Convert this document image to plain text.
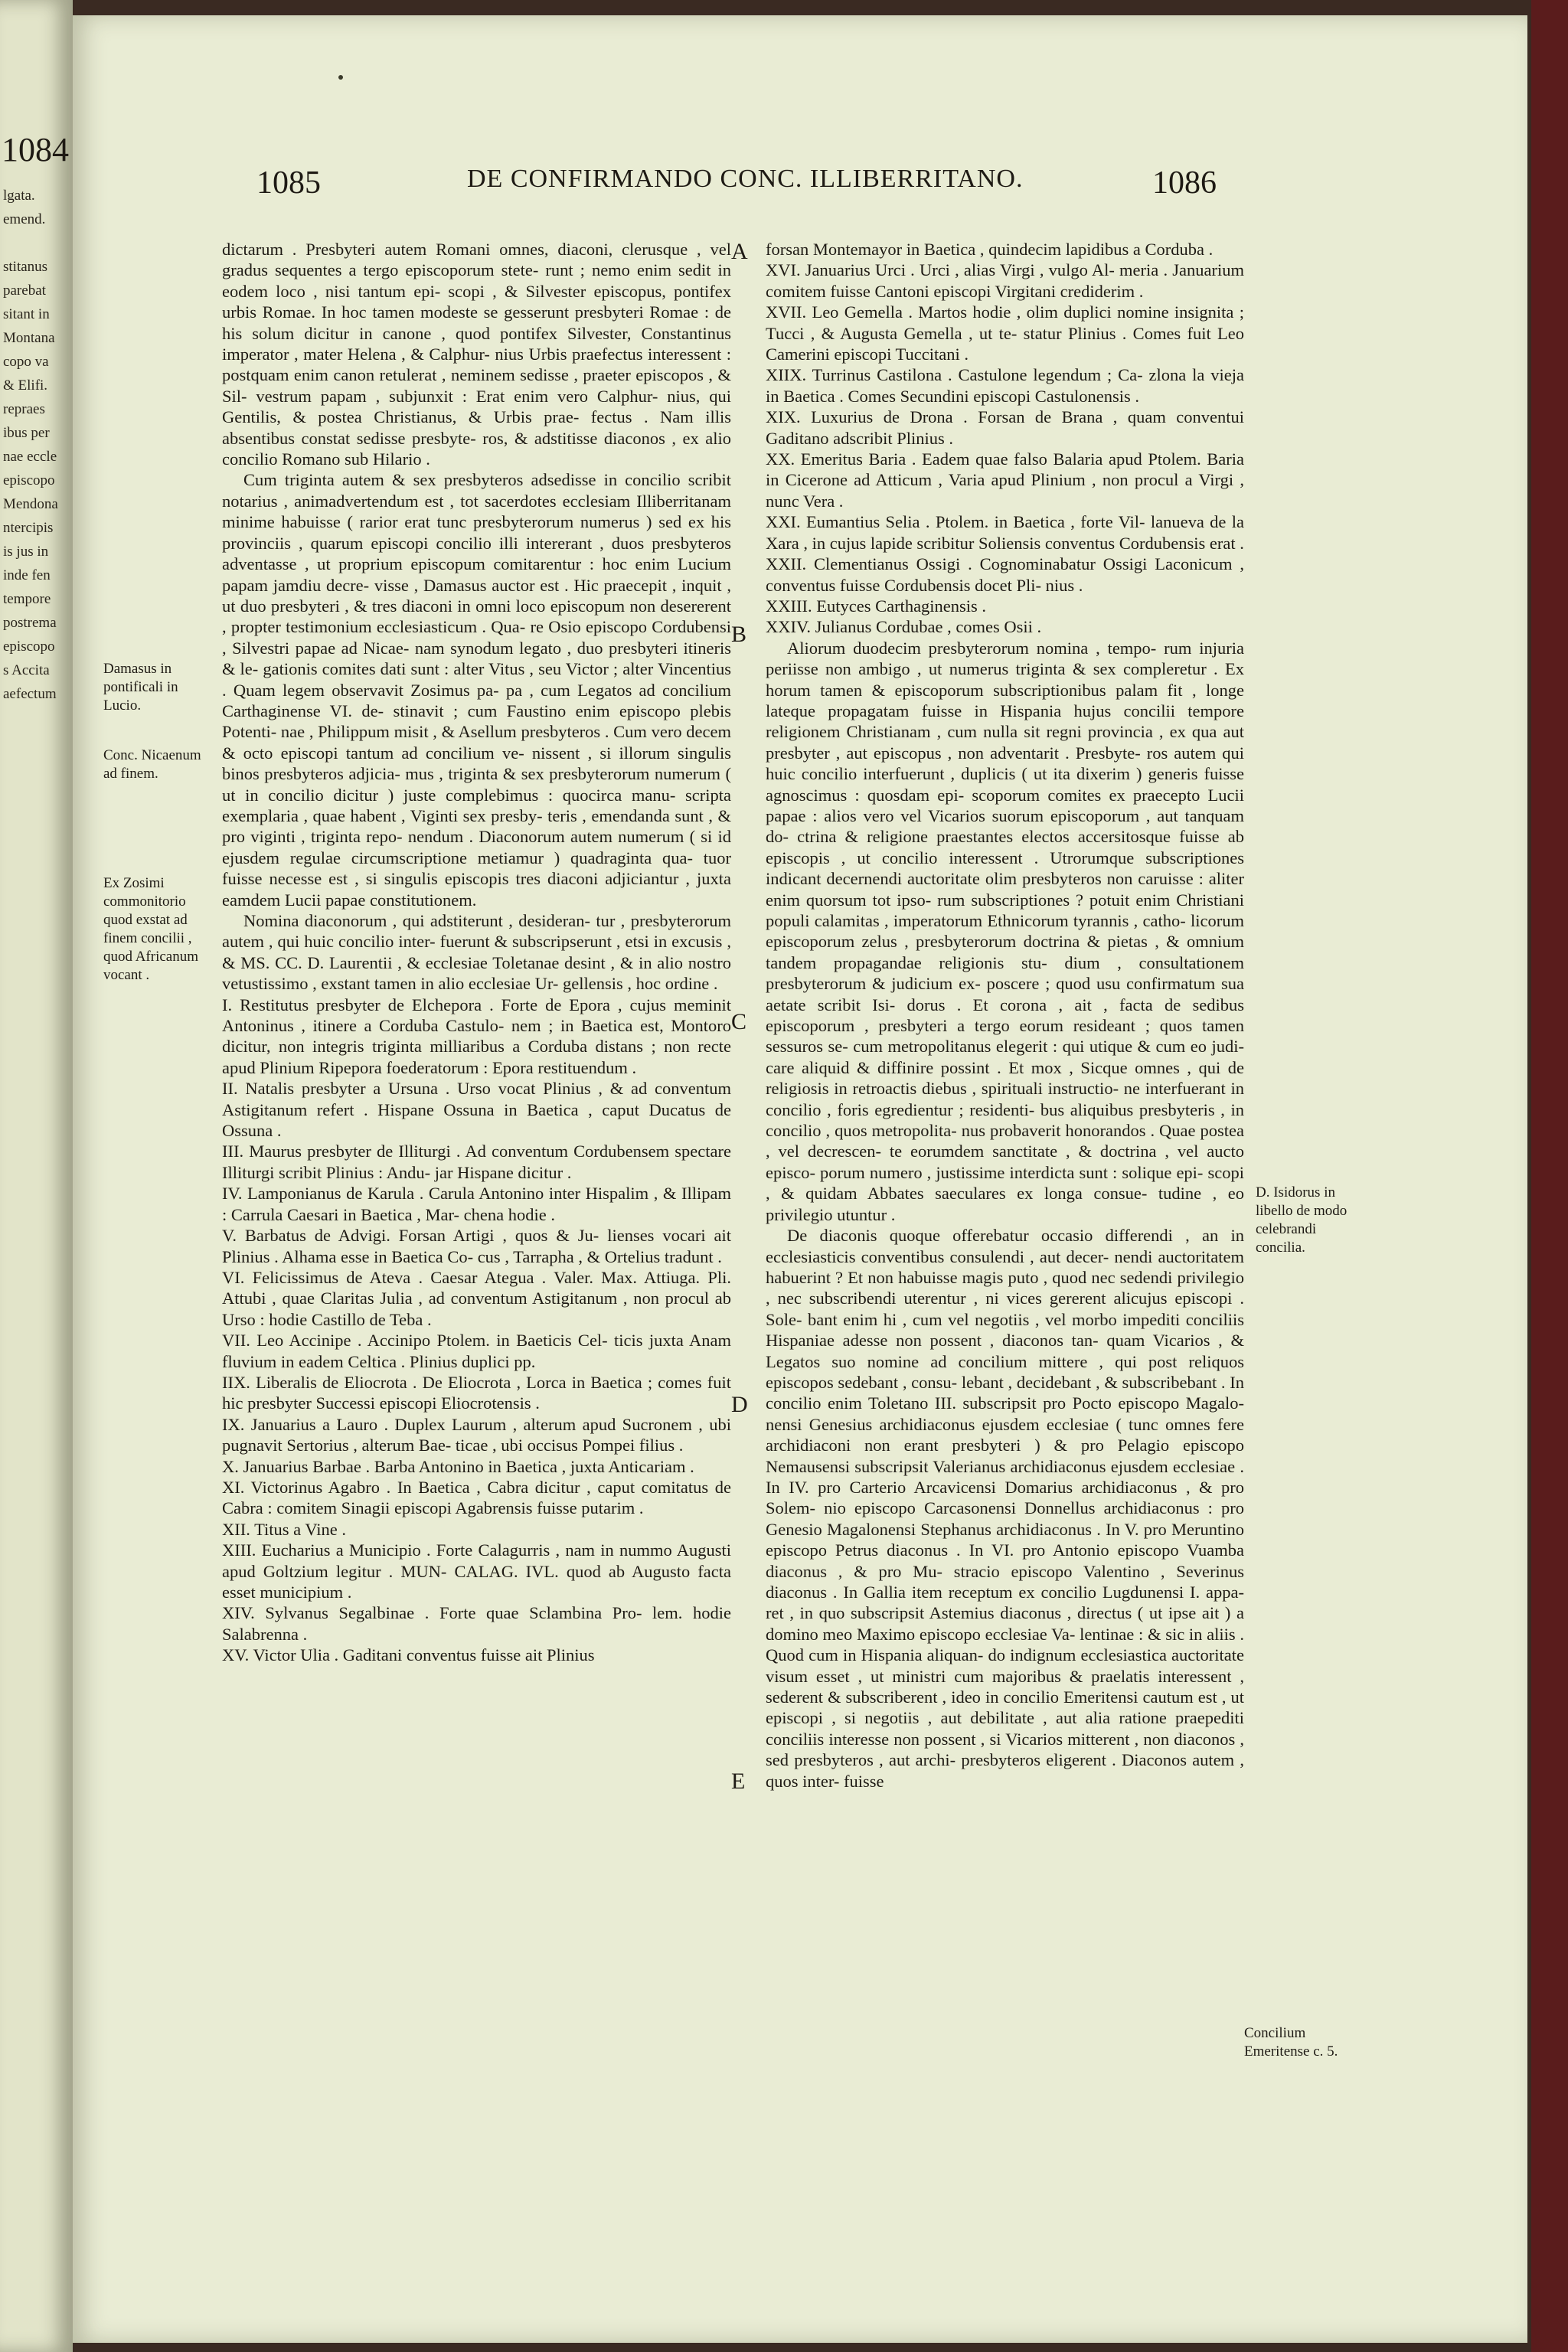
1084
lgata.
emend.

stitanus
parebat
sitant in
Montana
copo va
& Elifi.
repraes
ibus per
nae eccle
episcopo
Mendona
ntercipis
is jus in
inde fen
tempore
postrema
episcopo
s Accita
aefectum
1085	DE CONFIRMANDO CONC. ILLIBERRITANO.	1086

dictarum . Presbyteri autem Romani omnes, diaconi, clerusque , vel gradus sequentes a tergo episcoporum stete- runt ; nemo enim sedit in eodem loco , nisi tantum epi- scopi , & Silvester episcopus, pontifex urbis Romae. In hoc tamen modeste se gesserunt presbyteri Romae : de his solum dicitur in canone , quod pontifex Silvester, Constantinus imperator , mater Helena , & Calphur- nius Urbis praefectus interessent : postquam enim canon retulerat , neminem sedisse , praeter episcopos , & Sil- vestrum papam , subjunxit : Erat enim vero Calphur- nius, qui Gentilis, & postea Christianus, & Urbis prae- fectus . Nam illis absentibus constat sedisse presbyte- ros, & adstitisse diaconos , ex alio concilio Romano sub Hilario .

Cum triginta autem & sex presbyteros adsedisse in concilio scribit notarius , animadvertendum est , tot sacerdotes ecclesiam Illiberritanam minime habuisse ( rarior erat tunc presbyterorum numerus ) sed ex his provinciis , quarum episcopi concilio illi intererant , duos presbyteros adventasse , ut proprium episcopum comitarentur : hoc enim Lucium papam jamdiu decre- visse , Damasus auctor est . Hic praecepit , inquit , ut duo presbyteri , & tres diaconi in omni loco episcopum non desererent , propter testimonium ecclesiasticum . Qua- re Osio episcopo Cordubensi , Silvestri papae ad Nicae- nam synodum legato , duo presbyteri itineris & le- gationis comites dati sunt : alter Vitus , seu Victor ; alter Vincentius . Quam legem observavit Zosimus pa- pa , cum Legatos ad concilium Carthaginense VI. de- stinavit ; cum Faustino enim episcopo plebis Potenti- nae , Philippum misit , & Asellum presbyteros . Cum vero decem & octo episcopi tantum ad concilium ve- nissent , si illorum singulis binos presbyteros adjicia- mus , triginta & sex presbyterorum numerum ( ut in concilio dicitur ) juste complebimus : quocirca manu- scripta exemplaria , quae habent , Viginti sex presby- teris , emendanda sunt , & pro viginti , triginta repo- nendum . Diaconorum autem numerum ( si id ejusdem regulae circumscriptione metiamur ) quadraginta qua- tuor fuisse necesse est , si singulis episcopis tres diaconi adjiciantur , juxta eamdem Lucii papae constitutionem.

Nomina diaconorum , qui adstiterunt , desideran- tur , presbyterorum autem , qui huic concilio inter- fuerunt & subscripserunt , etsi in excusis , & MS. CC. D. Laurentii , & ecclesiae Toletanae desint , & in alio nostro vetustissimo , exstant tamen in alio ecclesiae Ur- gellensis , hoc ordine .

I. Restitutus presbyter de Elchepora . Forte de Epora , cujus meminit Antoninus , itinere a Corduba Castulo- nem ; in Baetica est, Montoro dicitur, non integris triginta milliaribus a Corduba distans ; non recte apud Plinium Ripepora foederatorum : Epora restituendum .

II. Natalis presbyter a Ursuna . Urso vocat Plinius , & ad conventum Astigitanum refert . Hispane Ossuna in Baetica , caput Ducatus de Ossuna .

III. Maurus presbyter de Illiturgi . Ad conventum Cordubensem spectare Illiturgi scribit Plinius : Andu- jar Hispane dicitur .

IV. Lamponianus de Karula . Carula Antonino inter Hispalim , & Illipam : Carrula Caesari in Baetica , Mar- chena hodie .

V. Barbatus de Advigi. Forsan Artigi , quos & Ju- lienses vocari ait Plinius . Alhama esse in Baetica Co- cus , Tarrapha , & Ortelius tradunt .

VI. Felicissimus de Ateva . Caesar Ategua . Valer. Max. Attiuga. Pli. Attubi , quae Claritas Julia , ad conventum Astigitanum , non procul ab Urso : hodie Castillo de Teba .

VII. Leo Accinipe . Accinipo Ptolem. in Baeticis Cel- ticis juxta Anam fluvium in eadem Celtica . Plinius duplici pp.

IIX. Liberalis de Eliocrota . De Eliocrota , Lorca in Baetica ; comes fuit hic presbyter Successi episcopi Eliocrotensis .

IX. Januarius a Lauro . Duplex Laurum , alterum apud Sucronem , ubi pugnavit Sertorius , alterum Bae- ticae , ubi occisus Pompei filius .

X. Januarius Barbae . Barba Antonino in Baetica , juxta Anticariam .

XI. Victorinus Agabro . In Baetica , Cabra dicitur , caput comitatus de Cabra : comitem Sinagii episcopi Agabrensis fuisse putarim .

XII. Titus a Vine .

XIII. Eucharius a Municipio . Forte Calagurris , nam in nummo Augusti apud Goltzium legitur . MUN- CALAG. IVL. quod ab Augusto facta esset municipium .

XIV. Sylvanus Segalbinae . Forte quae Sclambina Pro- lem. hodie Salabrenna .

XV. Victor Ulia . Gaditani conventus fuisse ait Plinius

forsan Montemayor in Baetica , quindecim lapidibus a Corduba .

XVI. Januarius Urci . Urci , alias Virgi , vulgo Al- meria . Januarium comitem fuisse Cantoni episcopi Virgitani crediderim .

XVII. Leo Gemella . Martos hodie , olim duplici nomine insignita ; Tucci , & Augusta Gemella , ut te- statur Plinius . Comes fuit Leo Camerini episcopi Tuccitani .

XIIX. Turrinus Castilona . Castulone legendum ; Ca- zlona la vieja in Baetica . Comes Secundini episcopi Castulonensis .

XIX. Luxurius de Drona . Forsan de Brana , quam conventui Gaditano adscribit Plinius .

XX. Emeritus Baria . Eadem quae falso Balaria apud Ptolem. Baria in Cicerone ad Atticum , Varia apud Plinium , non procul a Virgi , nunc Vera .

XXI. Eumantius Selia . Ptolem. in Baetica , forte Vil- lanueva de la Xara , in cujus lapide scribitur Soliensis conventus Cordubensis erat .

XXII. Clementianus Ossigi . Cognominabatur Ossigi Laconicum , conventus fuisse Cordubensis docet Pli- nius .

XXIII. Eutyces Carthaginensis .

XXIV. Julianus Cordubae , comes Osii .

Aliorum duodecim presbyterorum nomina , tempo- rum injuria periisse non ambigo , ut numerus triginta & sex compleretur . Ex horum tamen & episcoporum subscriptionibus palam fit , longe lateque propagatam fuisse in Hispania hujus concilii tempore religionem Christianam , cum nulla sit regni provincia , ex qua aut presbyter , aut episcopus , non adventarit . Presbyte- ros autem qui huic concilio interfuerunt , duplicis ( ut ita dixerim ) generis fuisse agnoscimus : quosdam epi- scoporum comites ex praecepto Lucii papae : alios vero vel Vicarios suorum episcoporum , aut tanquam do- ctrina & religione praestantes electos accersitosque fuisse ab episcopis , ut concilio interessent . Utrorumque subscriptiones indicant decernendi auctoritate olim presbyteros non caruisse : aliter enim quorsum tot ipso- rum subscriptiones ? potuit enim Christiani populi calamitas , imperatorum Ethnicorum tyrannis , catho- licorum episcoporum zelus , presbyterorum doctrina & pietas , & omnium tandem propagandae religionis stu- dium , consultationem presbyterorum & judicium ex- poscere ; quod usu confirmatum sua aetate scribit Isi- dorus . Et corona , ait , facta de sedibus episcoporum , presbyteri a tergo eorum resideant ; quos tamen sessuros se- cum metropolitanus elegerit : qui utique & cum eo judi- care aliquid & diffinire possint . Et mox , Sicque omnes , qui de religiosis in retroactis diebus , spirituali instructio- ne interfuerant in concilio , foris egredientur ; residenti- bus aliquibus presbyteris , in concilio , quos metropolita- nus probaverit honorandos . Quae postea , vel decrescen- te eorumdem sanctitate , & doctrina , vel aucto episco- porum numero , justissime interdicta sunt : solique epi- scopi , & quidam Abbates saeculares ex longa consue- tudine , eo privilegio utuntur .

De diaconis quoque offerebatur occasio differendi , an in ecclesiasticis conventibus consulendi , aut decer- nendi auctoritatem habuerint ? Et non habuisse magis puto , quod nec sedendi privilegio , nec subscribendi uterentur , ni vices gererent alicujus episcopi . Sole- bant enim hi , cum vel negotiis , vel morbo impediti conciliis Hispaniae adesse non possent , diaconos tan- quam Vicarios , & Legatos suo nomine ad concilium mittere , qui post reliquos episcopos sedebant , consu- lebant , decidebant , & subscribebant . In concilio enim Toletano III. subscripsit pro Pocto episcopo Magalo- nensi Genesius archidiaconus ejusdem ecclesiae ( tunc omnes fere archidiaconi non erant presbyteri ) & pro Pelagio episcopo Nemausensi subscripsit Valerianus archidiaconus ejusdem ecclesiae . In IV. pro Carterio Arcavicensi Domarius archidiaconus , & pro Solem- nio episcopo Carcasonensi Donnellus archidiaconus : pro Genesio Magalonensi Stephanus archidiaconus . In V. pro Meruntino episcopo Petrus diaconus . In VI. pro Antonio episcopo Vuamba diaconus , & pro Mu- stracio episcopo Valentino , Severinus diaconus . In Gallia item receptum ex concilio Lugdunensi I. appa- ret , in quo subscripsit Astemius diaconus , directus ( ut ipse ait ) a domino meo Maximo episcopo ecclesiae Va- lentinae : & sic in aliis . Quod cum in Hispania aliquan- do indignum ecclesiastica auctoritate visum esset , ut ministri cum majoribus & praelatis interessent , sederent & subscriberent , ideo in concilio Emeritensi cautum est , ut episcopi , si negotiis , aut debilitate , aut alia ratione praepediti conciliis interesse non possent , si Vicarios mitterent , non diaconos , sed presbyteros , aut archi- presbyteros eligerent . Diaconos autem , quos inter- fuisse

A
B
C
D
E
Damasus in pontificali in Lucio.
Conc. Nicaenum ad finem.
Ex Zosimi commonitorio quod exstat ad finem concilii , quod Africanum vocant .
D. Isidorus in libello de modo celebrandi concilia.
Concilium Emeritense c. 5.
